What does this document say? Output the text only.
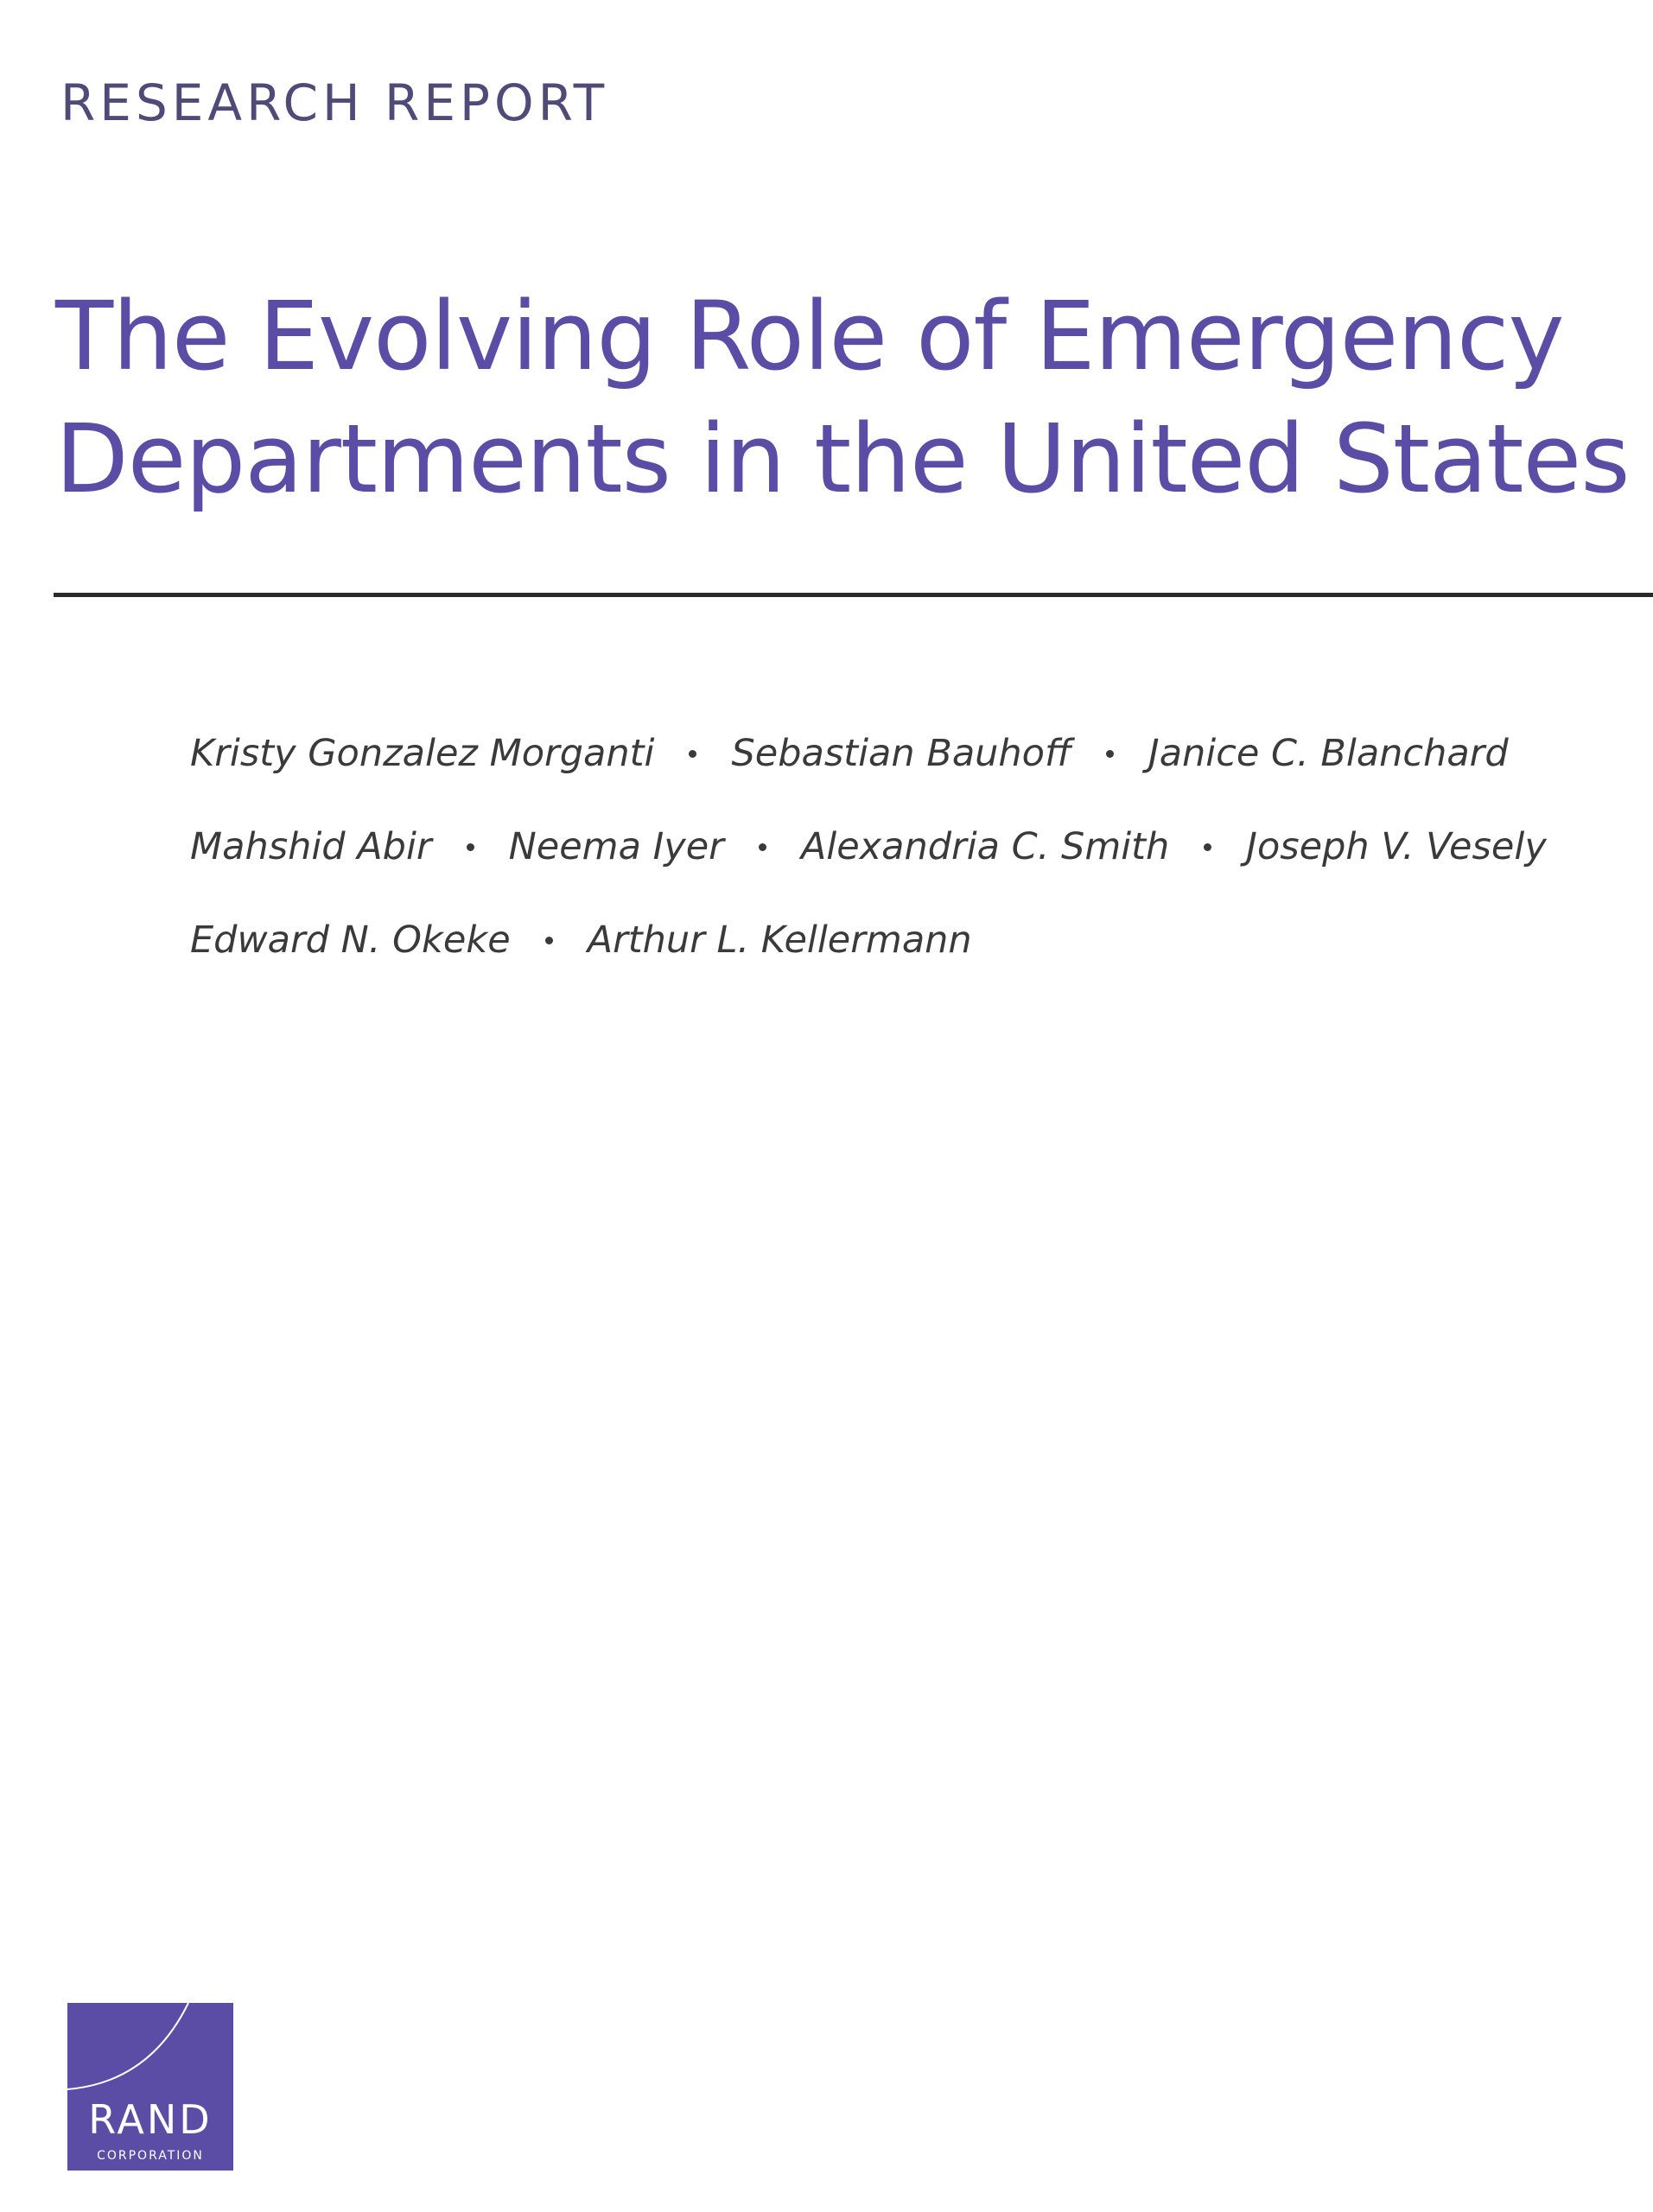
RESEARCH REPORT
The Evolving Role of Emergency
Departments in the United States
Kristy Gonzalez Morganti Sebastian Bauhoff Janice C. Blanchard
Mahshid Abir Neema Iyer Alexandria C. Smith Joseph V. Vesely
Edward N. Okeke Arthur L. Kellermann
RAND
CORPORATION
